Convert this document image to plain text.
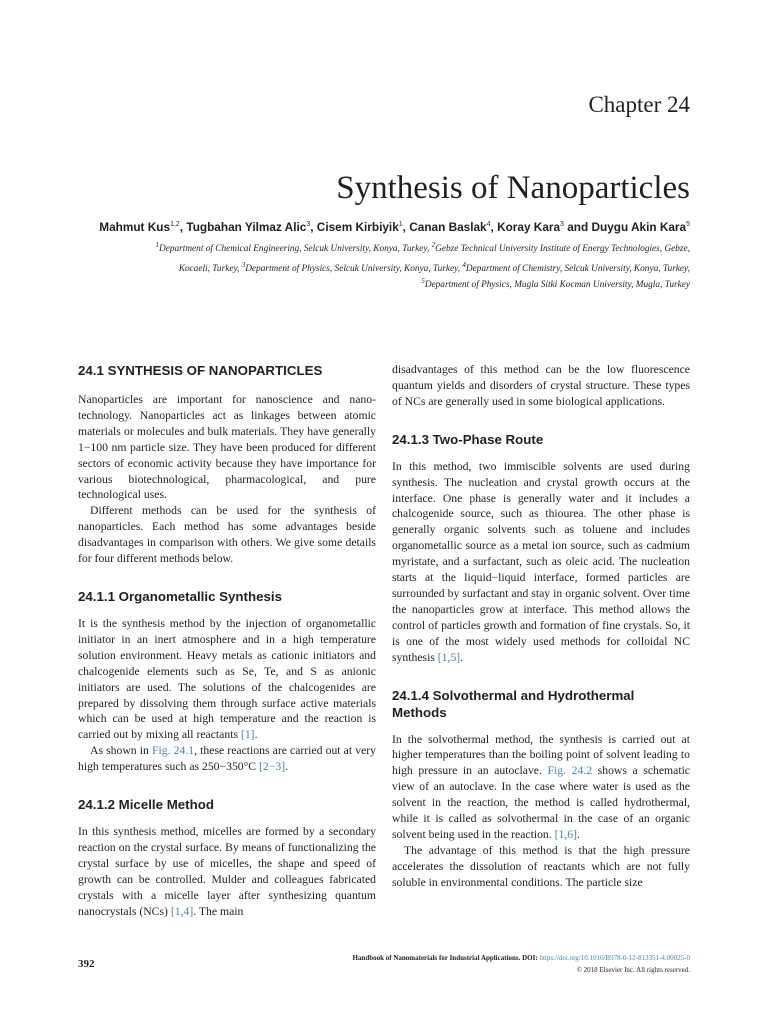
Chapter 24
Synthesis of Nanoparticles
Mahmut Kus$^{1,2}$, Tugbahan Yilmaz Alic$^3$, Cisem Kirbiyik$^1$, Canan Baslak$^4$, Koray Kara$^3$ and Duygu Akin Kara$^5$
$^1$Department of Chemical Engineering, Selcuk University, Konya, Turkey, $^2$Gebze Technical University Institute of Energy Technologies, Gebze,
Kocaeli, Turkey, $^3$Department of Physics, Selcuk University, Konya, Turkey, $^4$Department of Chemistry, Selcuk University, Konya, Turkey,
$^5$Department of Physics, Mugla Sitki Kocman University, Mugla, Turkey
24.1 SYNTHESIS OF NANOPARTICLES

Nanoparticles are important for nanoscience and nanotechnology. Nanoparticles act as linkages between atomic materials or molecules and bulk materials. They have generally 1−100 nm particle size. They have been produced for different sectors of economic activity because they have importance for various biotechnological, pharmacological, and pure technological uses.

Different methods can be used for the synthesis of nanoparticles. Each method has some advantages beside disadvantages in comparison with others. We give some details for four different methods below.

24.1.1 Organometallic Synthesis

It is the synthesis method by the injection of organometallic initiator in an inert atmosphere and in a high temperature solution environment. Heavy metals as cationic initiators and chalcogenide elements such as Se, Te, and S as anionic initiators are used. The solutions of the chalcogenides are prepared by dissolving them through surface active materials which can be used at high temperature and the reaction is carried out by mixing all reactants [1].

As shown in Fig. 24.1, these reactions are carried out at very high temperatures such as 250−350°C [2−3].

24.1.2 Micelle Method

In this synthesis method, micelles are formed by a secondary reaction on the crystal surface. By means of functionalizing the crystal surface by use of micelles, the shape and speed of growth can be controlled. Mulder and colleagues fabricated crystals with a micelle layer after synthesizing quantum nanocrystals (NCs) [1,4]. The main

disadvantages of this method can be the low fluorescence quantum yields and disorders of crystal structure. These types of NCs are generally used in some biological applications.

24.1.3 Two-Phase Route

In this method, two immiscible solvents are used during synthesis. The nucleation and crystal growth occurs at the interface. One phase is generally water and it includes a chalcogenide source, such as thiourea. The other phase is generally organic solvents such as toluene and includes organometallic source as a metal ion source, such as cadmium myristate, and a surfactant, such as oleic acid. The nucleation starts at the liquid−liquid interface, formed particles are surrounded by surfactant and stay in organic solvent. Over time the nanoparticles grow at interface. This method allows the control of particles growth and formation of fine crystals. So, it is one of the most widely used methods for colloidal NC synthesis [1,5].

24.1.4 Solvothermal and Hydrothermal Methods

In the solvothermal method, the synthesis is carried out at higher temperatures than the boiling point of solvent leading to high pressure in an autoclave. Fig. 24.2 shows a schematic view of an autoclave. In the case where water is used as the solvent in the reaction, the method is called hydrothermal, while it is called as solvothermal in the case of an organic solvent being used in the reaction. [1,6].

The advantage of this method is that the high pressure accelerates the dissolution of reactants which are not fully soluble in environmental conditions. The particle size

392	Handbook of Nanomaterials for Industrial Applications. DOI: https://doi.org/10.1016/B978-0-12-813351-4.00025-0
© 2018 Elsevier Inc. All rights reserved.
